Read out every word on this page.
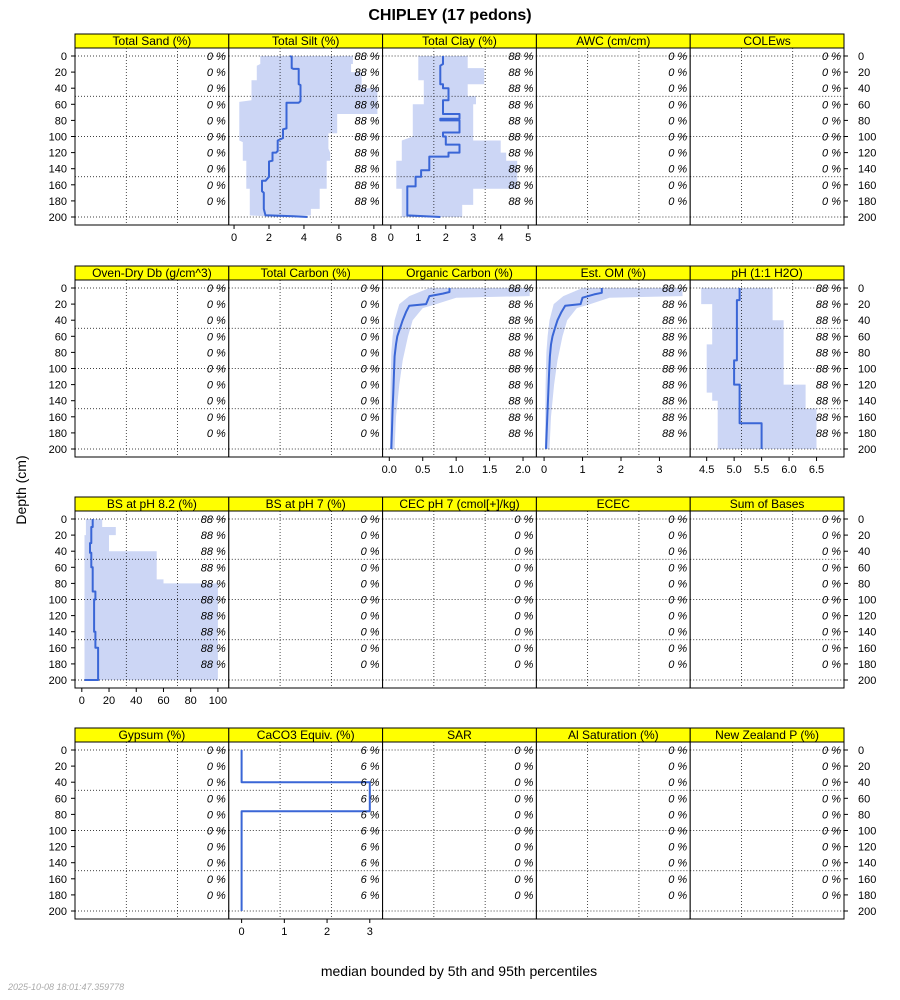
CHIPLEY (17 pedons)
0	0
20	20
40	40
60	60
80	80
100	100
120	120
140	140
160	160
180	180
200	200
Total Sand (%)
0 %
0 %
0 %
0 %
0 %
0 %
0 %
0 %
0 %
0 %
Total Silt (%)
88 %
88 %
88 %
88 %
88 %
88 %
88 %
88 %
88 %
88 %
0	2	4	6	8
Total Clay (%)
88 %
88 %
88 %
88 %
88 %
88 %
88 %
88 %
88 %
88 %
0 1 2 3 4 5
AWC (cm/cm)
0 %
0 %
0 %
0 %
0 %
0 %
0 %
0 %
0 %
0 %
COLEws
0 %
0 %
0 %
0 %
0 %
0 %
0 %
0 %
0 %
0 %
0	0
20	20
40	40
60	60
80	80
100	100
120	120
140	140
160	160
180	180
200	200
Oven-Dry Db (g/cm^3)
0 %
0 %
0 %
0 %
0 %
0 %
0 %
0 %
0 %
0 %
Total Carbon (%)
0 %
0 %
0 %
0 %
0 %
0 %
0 %
0 %
0 %
0 %
Organic Carbon (%)
88 %
88 %
88 %
88 %
88 %
88 %
88 %
88 %
88 %
88 %
0.0 0.5 1.0 1.5 2.0
Est. OM (%)
88 %
88 %
88 %
88 %
88 %
88 %
88 %
88 %
88 %
88 %
0	1	2	3
pH (1:1 H2O)
88 %
88 %
88 %
88 %
88 %
88 %
88 %
88 %
88 %
88 %
4.5 5.0 5.5 6.0 6.5
0	0
20	20
40	40
60	60
80	80
100	100
120	120
140	140
160	160
180	180
200	200
BS at pH 8.2 (%)
88 %
88 %
88 %
88 %
88 %
88 %
88 %
88 %
88 %
88 %
0 20 40 60 80 100
BS at pH 7 (%)
0 %
0 %
0 %
0 %
0 %
0 %
0 %
0 %
0 %
0 %
CEC pH 7 (cmol[+]/kg)
0 %
0 %
0 %
0 %
0 %
0 %
0 %
0 %
0 %
0 %
ECEC
0 %
0 %
0 %
0 %
0 %
0 %
0 %
0 %
0 %
0 %
Sum of Bases
0 %
0 %
0 %
0 %
0 %
0 %
0 %
0 %
0 %
0 %
0	0
20	20
40	40
60	60
80	80
100	100
120	120
140	140
160	160
180	180
200	200
Gypsum (%)
0 %
0 %
0 %
0 %
0 %
0 %
0 %
0 %
0 %
0 %
CaCO3 Equiv. (%)
6 %
6 %
6 %
6 %
6 %
6 %
6 %
6 %
6 %
6 %
0	1	2	3
SAR
0 %
0 %
0 %
0 %
0 %
0 %
0 %
0 %
0 %
0 %
Al Saturation (%)
0 %
0 %
0 %
0 %
0 %
0 %
0 %
0 %
0 %
0 %
New Zealand P (%)
0 %
0 %
0 %
0 %
0 %
0 %
0 %
0 %
0 %
0 %
median bounded by 5th and 95th percentiles
Depth (cm)
2025-10-08 18:01:47.359778
